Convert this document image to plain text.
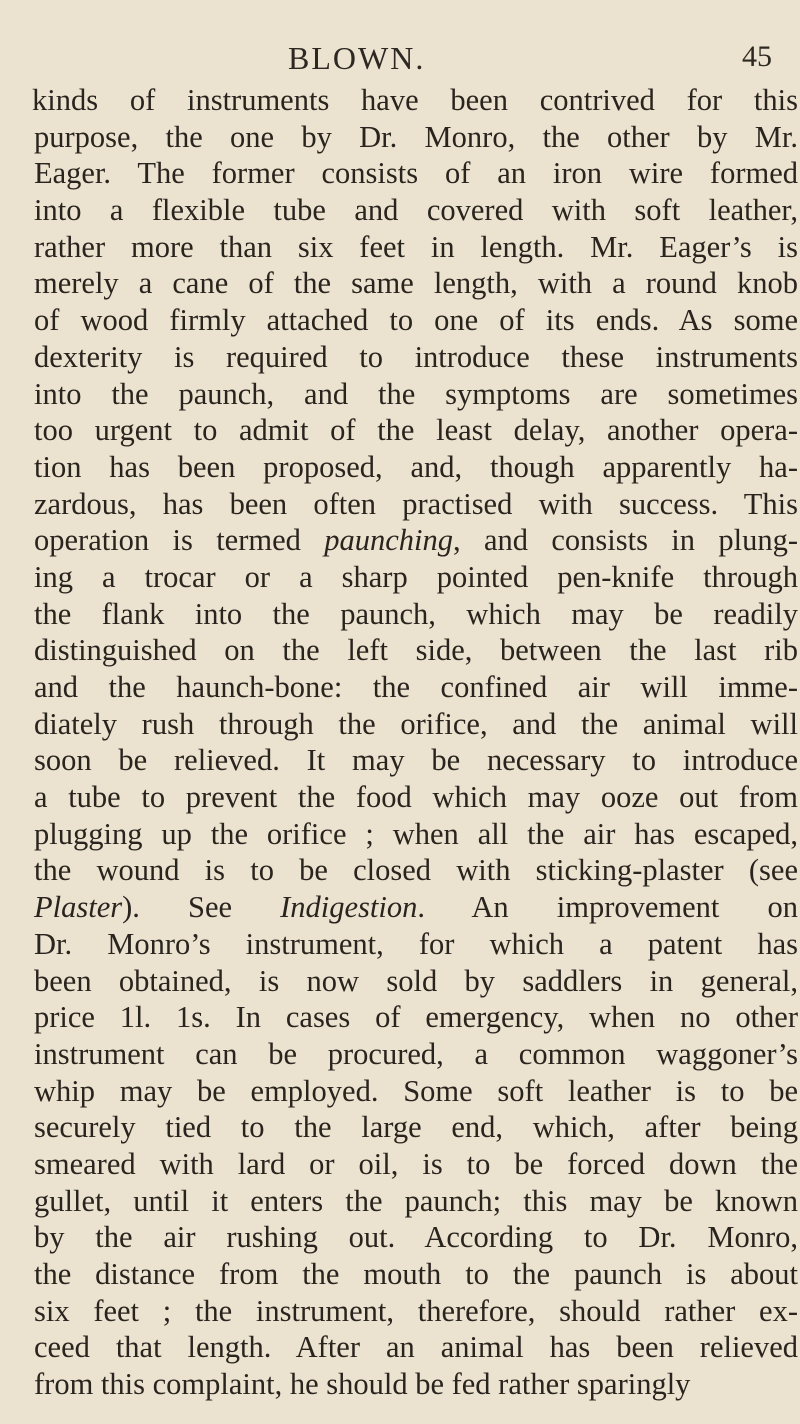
BLOWN.	45
kinds of instruments have been contrived for this
purpose, the one by Dr. Monro, the other by Mr.
Eager. The former consists of an iron wire formed
into a flexible tube and covered with soft leather,
rather more than six feet in length. Mr. Eager’s is
merely a cane of the same length, with a round knob
of wood firmly attached to one of its ends. As some
dexterity is required to introduce these instruments
into the paunch, and the symptoms are sometimes
too urgent to admit of the least delay, another opera-
tion has been proposed, and, though apparently ha-
zardous, has been often practised with success. This
operation is termed paunching, and consists in plung-
ing a trocar or a sharp pointed pen-knife through
the flank into the paunch, which may be readily
distinguished on the left side, between the last rib
and the haunch-bone: the confined air will imme-
diately rush through the orifice, and the animal will
soon be relieved. It may be necessary to introduce
a tube to prevent the food which may ooze out from
plugging up the orifice ; when all the air has escaped,
the wound is to be closed with sticking-plaster (see
Plaster). See Indigestion. An improvement on
Dr. Monro’s instrument, for which a patent has
been obtained, is now sold by saddlers in general,
price 1l. 1s. In cases of emergency, when no other
instrument can be procured, a common waggoner’s
whip may be employed. Some soft leather is to be
securely tied to the large end, which, after being
smeared with lard or oil, is to be forced down the
gullet, until it enters the paunch; this may be known
by the air rushing out. According to Dr. Monro,
the distance from the mouth to the paunch is about
six feet ; the instrument, therefore, should rather ex-
ceed that length. After an animal has been relieved
from this complaint, he should be fed rather sparingly
